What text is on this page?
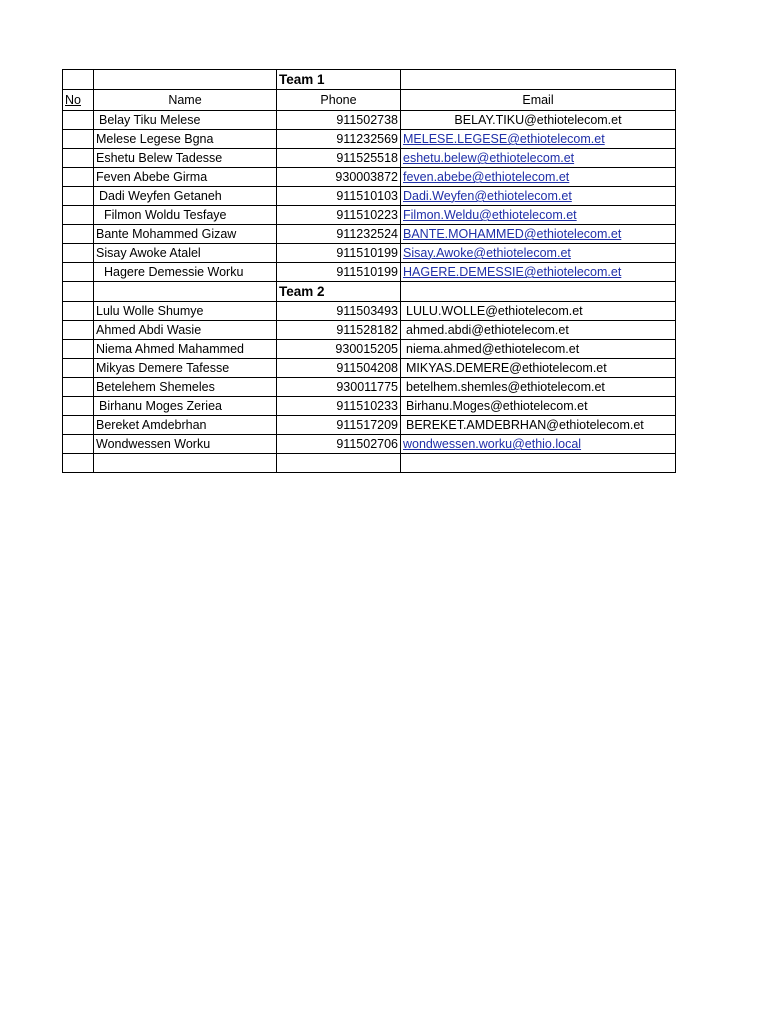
		Team 1	
No	Name	Phone	Email
	Belay Tiku Melese	911502738	BELAY.TIKU@ethiotelecom.et
	Melese Legese Bgna	911232569	MELESE.LEGESE@ethiotelecom.et
	Eshetu Belew Tadesse	911525518	eshetu.belew@ethiotelecom.et
	Feven Abebe Girma	930003872	feven.abebe@ethiotelecom.et
	Dadi Weyfen Getaneh	911510103	Dadi.Weyfen@ethiotelecom.et
	Filmon Woldu Tesfaye	911510223	Filmon.Weldu@ethiotelecom.et
	Bante Mohammed Gizaw	911232524	BANTE.MOHAMMED@ethiotelecom.et
	Sisay Awoke Atalel	911510199	Sisay.Awoke@ethiotelecom.et
	Hagere Demessie Worku	911510199	HAGERE.DEMESSIE@ethiotelecom.et
		Team 2	
	Lulu Wolle Shumye	911503493	LULU.WOLLE@ethiotelecom.et
	Ahmed Abdi Wasie	911528182	ahmed.abdi@ethiotelecom.et
	Niema Ahmed Mahammed	930015205	niema.ahmed@ethiotelecom.et
	Mikyas Demere Tafesse	911504208	MIKYAS.DEMERE@ethiotelecom.et
	Betelehem Shemeles	930011775	betelhem.shemles@ethiotelecom.et
	Birhanu Moges Zeriea	911510233	Birhanu.Moges@ethiotelecom.et
	Bereket Amdebrhan	911517209	BEREKET.AMDEBRHAN@ethiotelecom.et
	Wondwessen Worku	911502706	wondwessen.worku@ethio.local
